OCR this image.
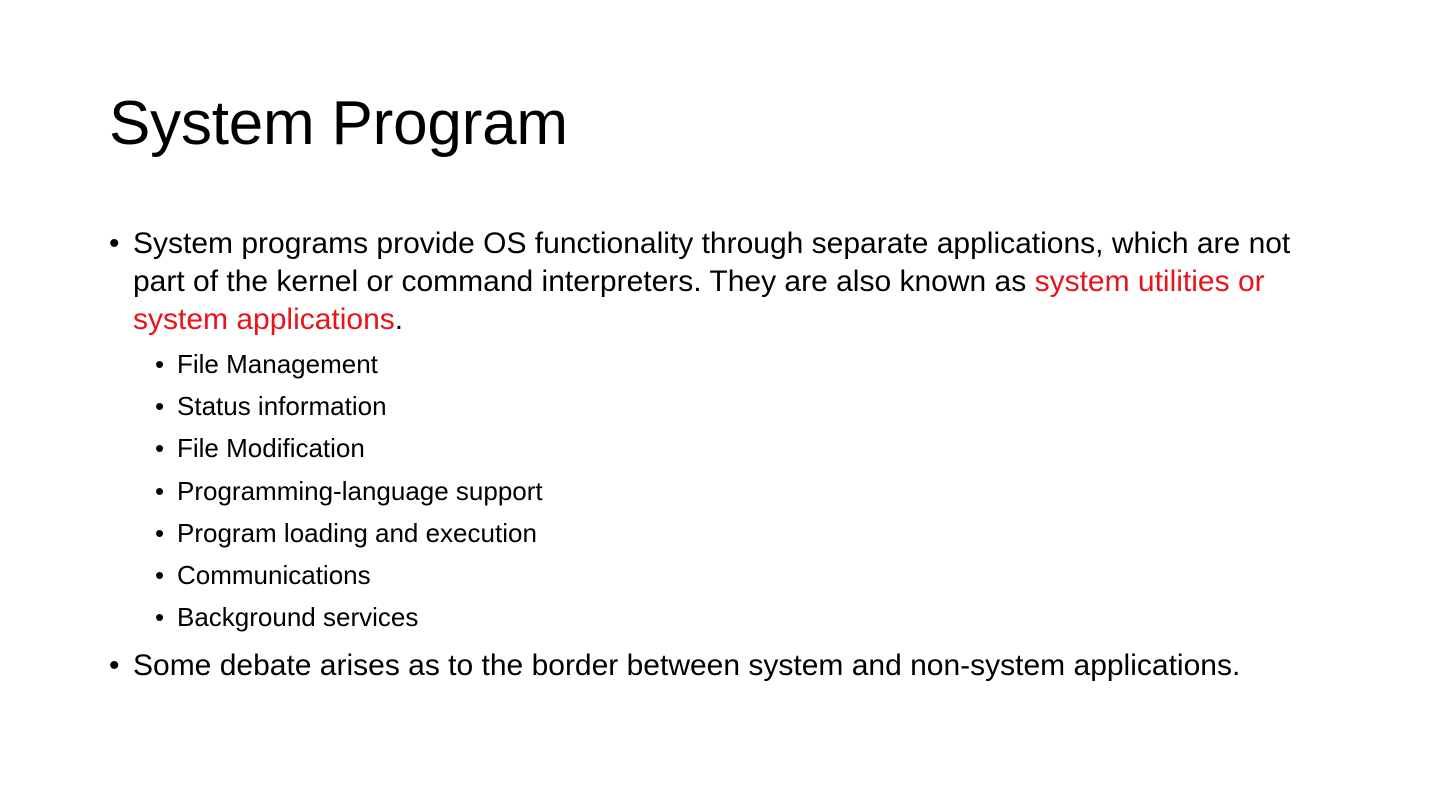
System Program
• System programs provide OS functionality through separate applications, which are not part of the kernel or command interpreters. They are also known as system utilities or system applications.
• File Management
• Status information
• File Modification
• Programming-language support
• Program loading and execution
• Communications
• Background services
• Some debate arises as to the border between system and non-system applications.
